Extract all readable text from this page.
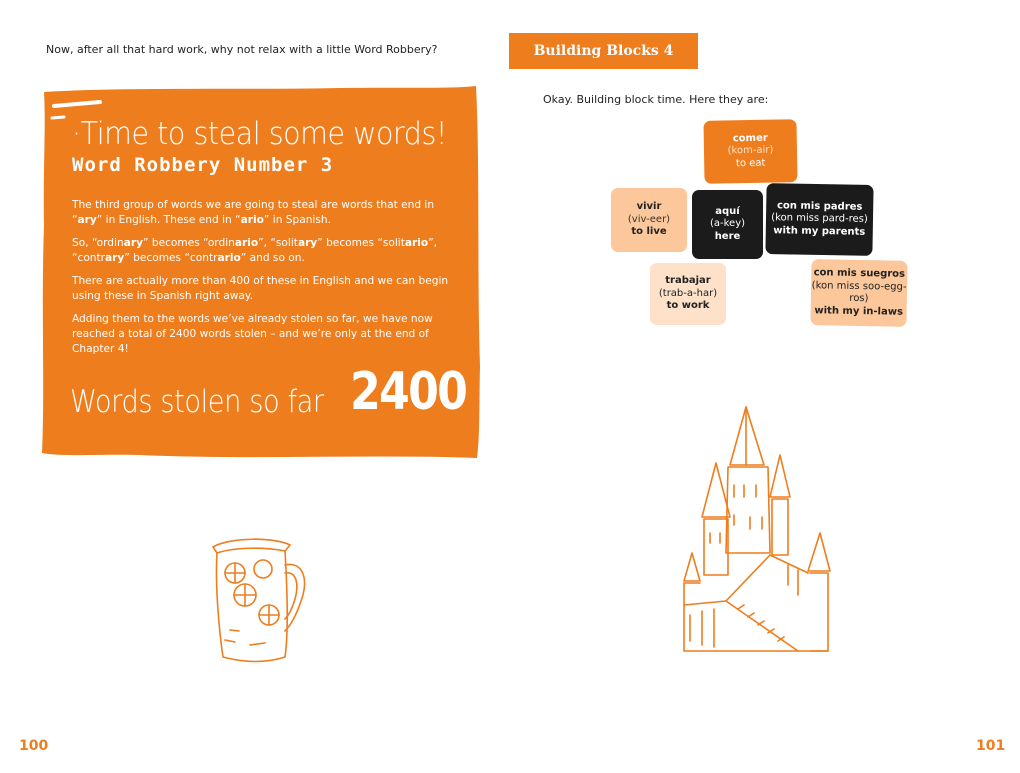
Now, after all that hard work, why not relax with a little Word Robbery?
·Time to steal some words!
Word Robbery Number 3

The third group of words we are going to steal are words that end in “ary” in English. These end in “ario” in Spanish.

So, “ordinary” becomes “ordinario”, “solitary” becomes “solitario”, “contrary” becomes “contrario” and so on.

There are actually more than 400 of these in English and we can begin using these in Spanish right away.

Adding them to the words we’ve already stolen so far, we have now reached a total of 2400 words stolen – and we’re only at the end of Chapter 4!

Words stolen so far 2400
100
Building Blocks 4
Okay. Building block time. Here they are:
comer
(kom-air)
to eat
vivir
(viv-eer)
to live
aquí
(a-key)
here
con mis padres
(kon miss pard-res)
with my parents
trabajar
(trab-a-har)
to work
con mis suegros
(kon miss soo-egg-ros)
with my in-laws
101
